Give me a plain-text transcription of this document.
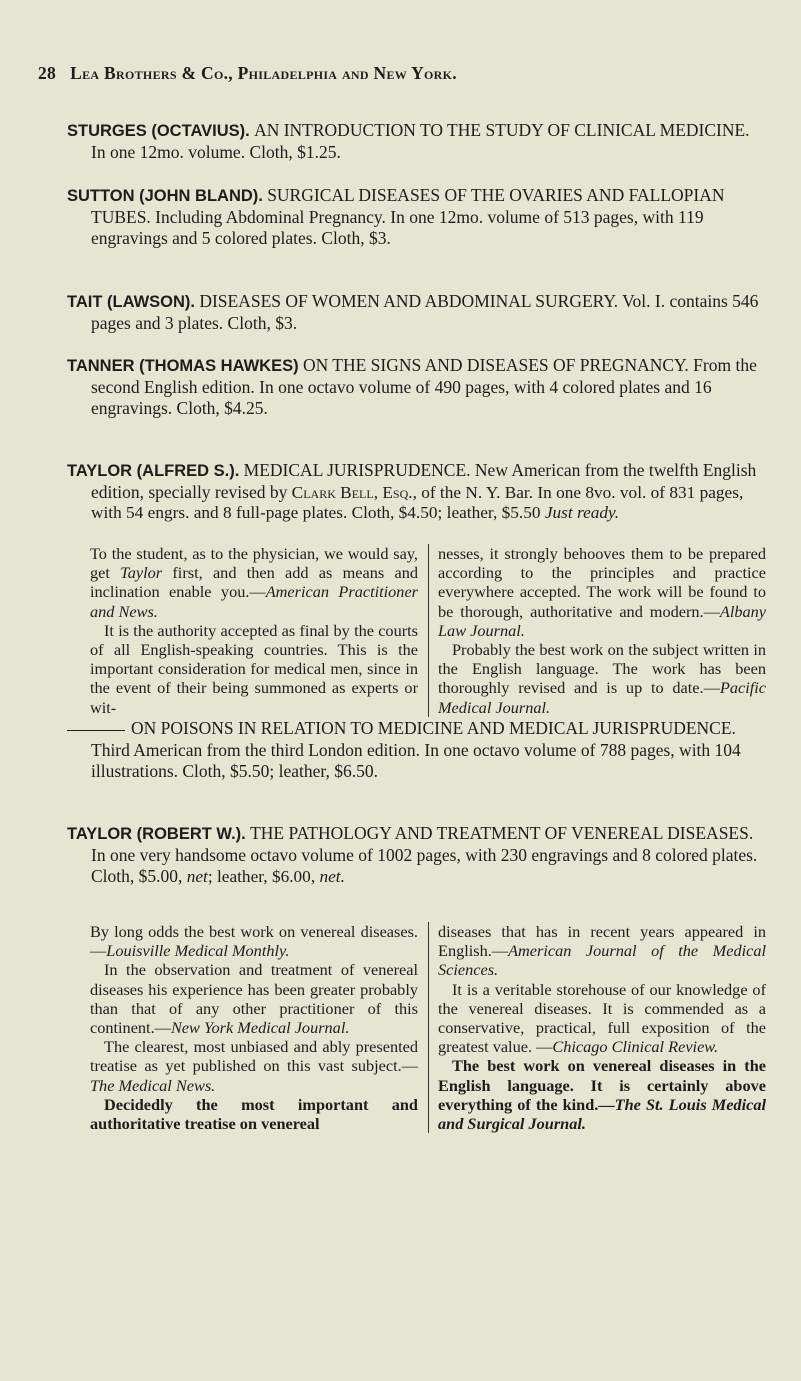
28 Lea Brothers & Co., Philadelphia and New York.

STURGES (OCTAVIUS). AN INTRODUCTION TO THE STUDY OF CLINICAL MEDICINE. In one 12mo. volume. Cloth, $1.25.

SUTTON (JOHN BLAND). SURGICAL DISEASES OF THE OVARIES AND FALLOPIAN TUBES. Including Abdominal Pregnancy. In one 12mo. volume of 513 pages, with 119 engravings and 5 colored plates. Cloth, $3.

TAIT (LAWSON). DISEASES OF WOMEN AND ABDOMINAL SURGERY. Vol. I. contains 546 pages and 3 plates. Cloth, $3.

TANNER (THOMAS HAWKES) ON THE SIGNS AND DISEASES OF PREGNANCY. From the second English edition. In one octavo volume of 490 pages, with 4 colored plates and 16 engravings. Cloth, $4.25.

TAYLOR (ALFRED S.). MEDICAL JURISPRUDENCE. New American from the twelfth English edition, specially revised by Clark Bell, Esq., of the N. Y. Bar. In one 8vo. vol. of 831 pages, with 54 engrs. and 8 full-page plates. Cloth, $4.50; leather, $5.50 Just ready.

To the student, as to the physician, we would say, get Taylor first, and then add as means and inclination enable you.—American Practitioner and News.

It is the authority accepted as final by the courts of all English-speaking countries. This is the important consideration for medical men, since in the event of their being summoned as experts or wit-

nesses, it strongly behooves them to be prepared according to the principles and practice everywhere accepted. The work will be found to be thorough, authoritative and modern.—Albany Law Journal.

Probably the best work on the subject written in the English language. The work has been thoroughly revised and is up to date.—Pacific Medical Journal.

ON POISONS IN RELATION TO MEDICINE AND MEDICAL JURISPRUDENCE. Third American from the third London edition. In one octavo volume of 788 pages, with 104 illustrations. Cloth, $5.50; leather, $6.50.

TAYLOR (ROBERT W.). THE PATHOLOGY AND TREATMENT OF VENEREAL DISEASES. In one very handsome octavo volume of 1002 pages, with 230 engravings and 8 colored plates. Cloth, $5.00, net; leather, $6.00, net.

By long odds the best work on venereal diseases.—Louisville Medical Monthly.

In the observation and treatment of venereal diseases his experience has been greater probably than that of any other practitioner of this continent.—New York Medical Journal.

The clearest, most unbiased and ably presented treatise as yet published on this vast subject.—The Medical News.

Decidedly the most important and authoritative treatise on venereal

diseases that has in recent years appeared in English.—American Journal of the Medical Sciences.

It is a veritable storehouse of our knowledge of the venereal diseases. It is commended as a conservative, practical, full exposition of the greatest value. —Chicago Clinical Review.

The best work on venereal diseases in the English language. It is certainly above everything of the kind.—The St. Louis Medical and Surgical Journal.
